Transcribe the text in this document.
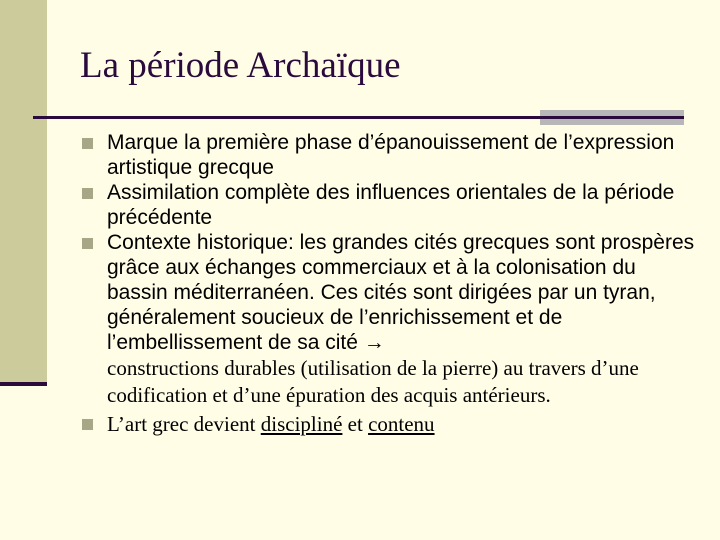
La période Archaïque
Marque la première phase d’épanouissement de l’expression artistique grecque
Assimilation complète des influences orientales de la période précédente
Contexte historique: les grandes cités grecques sont prospères grâce aux échanges commerciaux et à la colonisation du bassin méditerranéen. Ces cités sont dirigées par un tyran, généralement soucieux de l’enrichissement et de l’embellissement de sa cité →
constructions durables (utilisation de la pierre) au travers d’une codification et d’une épuration des acquis antérieurs.
L’art grec devient discipliné et contenu
